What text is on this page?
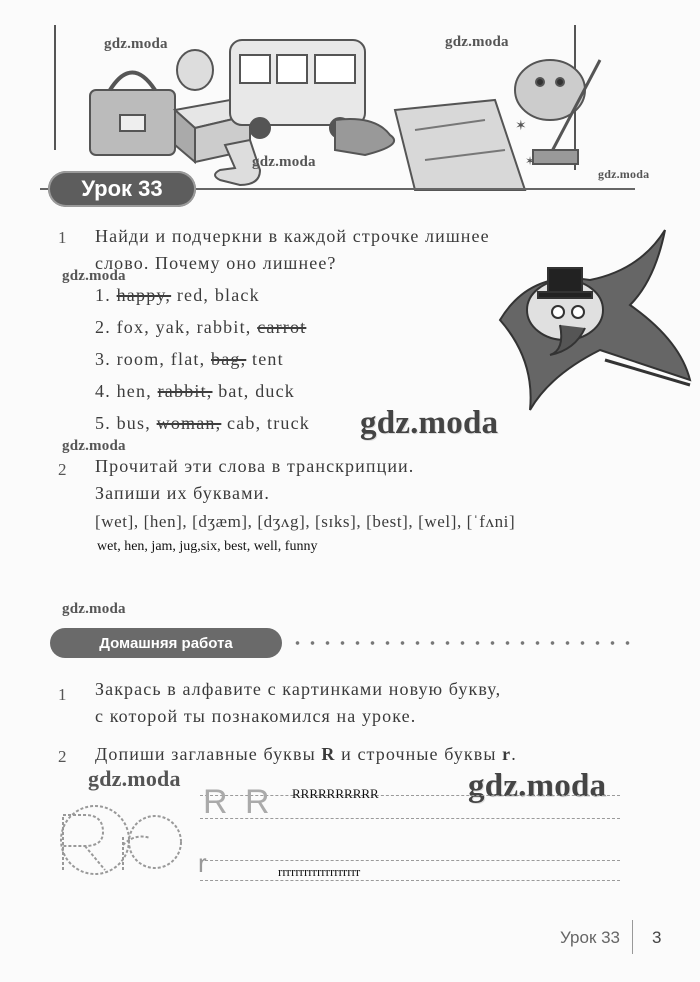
✶
✶
gdz.moda	gdz.moda
gdz.moda
gdz.moda
Урок 33
1 Найди и подчеркни в каждой строчке лишнее
слово. Почему оно лишнее?
gdz.moda
1. happy, red, black
2. fox, yak, rabbit, carrot
3. room, flat, bag, tent
4. hen, rabbit, bat, duck
5. bus, woman, cab, truck gdz.moda
gdz.moda
2 Прочитай эти слова в транскрипции.
Запиши их буквами.
[wet], [hen], [dʒæm], [dʒʌg], [sɪks], [best], [wel], [ˈfʌni]
wet, hen, jam, jug,six, best, well, funny
gdz.moda
Домашняя работа
1 Закрась в алфавите с картинками новую букву,
с которой ты познакомился на уроке.
2 Допиши заглавные буквы R и строчные буквы r.
gdz.moda	gdz.moda
R R RRRRRRRRRR
r	rrrrrrrrrrrrrrrrrrr
Урок 33 3
